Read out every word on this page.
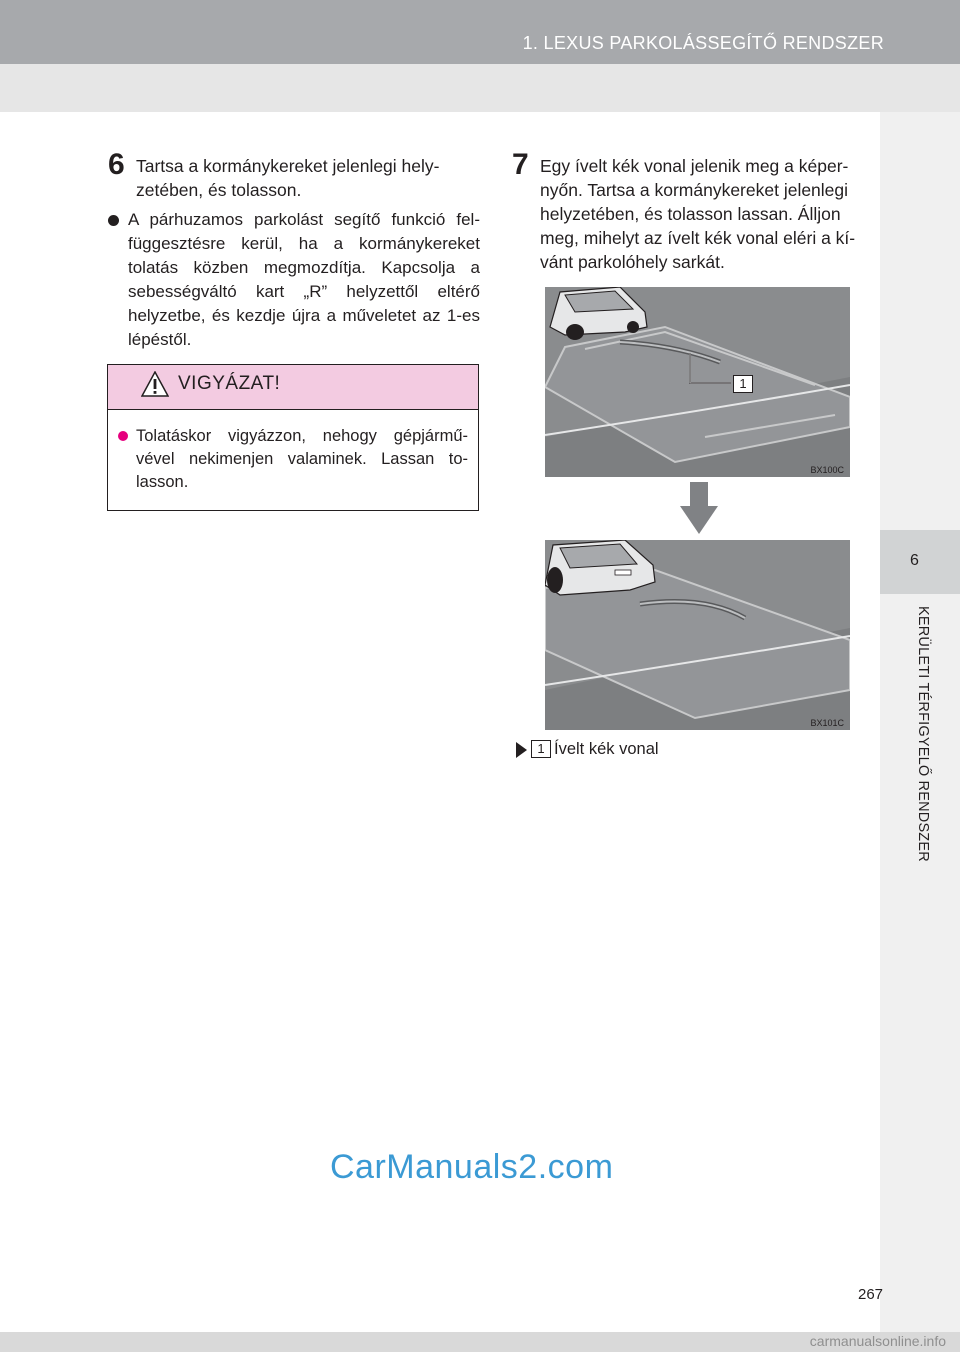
1. LEXUS PARKOLÁSSEGÍTŐ RENDSZER
6
KERÜLETI TÉRFIGYELŐ RENDSZER
6 Tartsa a kormánykereket jelenlegi hely-zetében, és tolasson.
A párhuzamos parkolást segítő funkció fel-függesztésre kerül, ha a kormánykereket tolatás közben megmozdítja. Kapcsolja a sebességváltó kart „R” helyzettől eltérő helyzetbe, és kezdje újra a műveletet az 1-es lépéstől.
VIGYÁZAT!
Tolatáskor vigyázzon, nehogy gépjármű-vével nekimenjen valaminek. Lassan to-lasson.
7 Egy ívelt kék vonal jelenik meg a képer-nyőn. Tartsa a kormánykereket jelenlegi helyzetében, és tolasson lassan. Álljon meg, mihelyt az ívelt kék vonal eléri a kí-vánt parkolóhely sarkát.
1
BX100C
BX101C
1 Ívelt kék vonal
CarManuals2.com
267
carmanualsonline.info
